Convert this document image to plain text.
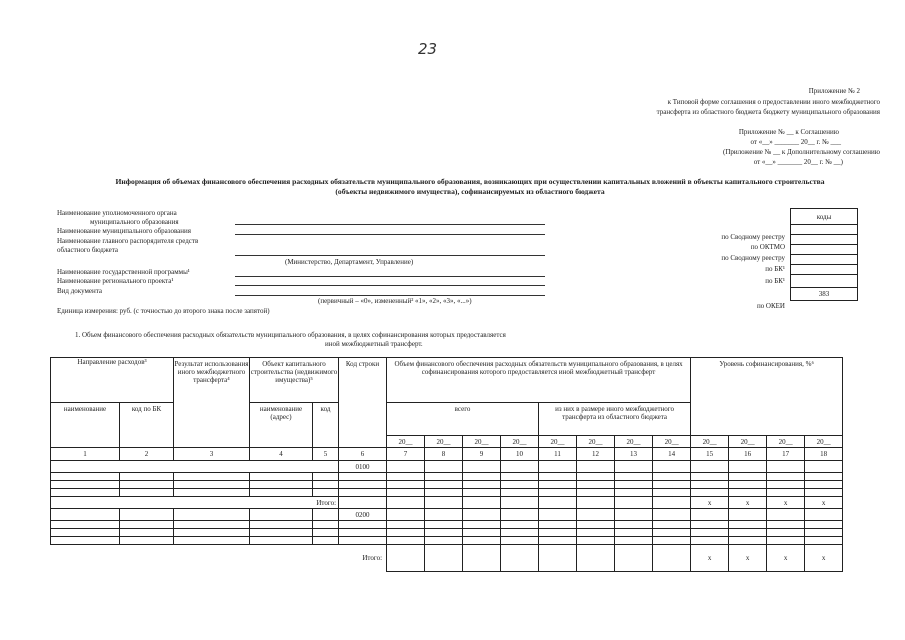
23
Приложение № 2
к Типовой форме соглашения о предоставлении иного межбюджетного
трансферта из областного бюджета бюджету муниципального образования
Приложение № __ к Соглашению
от «__» _______ 20__ г. № ___
(Приложение № __ к Дополнительному соглашению
от «__» _______ 20__ г. № __)
Информация об объемах финансового обеспечения расходных обязательств муниципального образования, возникающих при осуществлении капитальных вложений в объекты капитального строительства
(объекты недвижимого имущества), софинансируемых из областного бюджета
Наименование уполномоченного органа
муниципального образования
Наименование муниципального образования
Наименование главного распорядителя средств
областного бюджета
(Министерство, Департамент, Управление)
Наименование государственной программы¹
Наименование регионального проекта¹
Вид документа
(первичный – «0», измененный² «1», «2», «3», «...»)
Единица измерения: руб. (с точностью до второго знака после запятой)
по Сводному реестру
по ОКТМО
по Сводному реестру
по БК¹
по БК¹
по ОКЕИ
коды

383
1. Объем финансового обеспечения расходных обязательств муниципального образования, в целях софинансирования которых предоставляется
иной межбюджетный трансферт.
Направление расходов³		Результат использования иного межбюджетного трансферта⁴	Объект капитального строительства (недвижимого имущества)⁵		Код строки	Объем финансового обеспечения расходных обязательств муниципального образования, в целях софинансирования которого предоставляется иной межбюджетный трансферт								Уровень софинансирования, %⁶			
наименование	код по БК		наименование (адрес)	код		всего				из них в размере иного межбюджетного трансферта из областного бюджета							
						20__	20__	20__	20__	20__	20__	20__	20__	20__	20__	20__	20__
1	2	3	4	5	6	7	8	9	10	11	12	13	14	15	16	17	18
					0100												

Итого:														x	x	x	x
					0200												

Итого:														x	x	x	x
